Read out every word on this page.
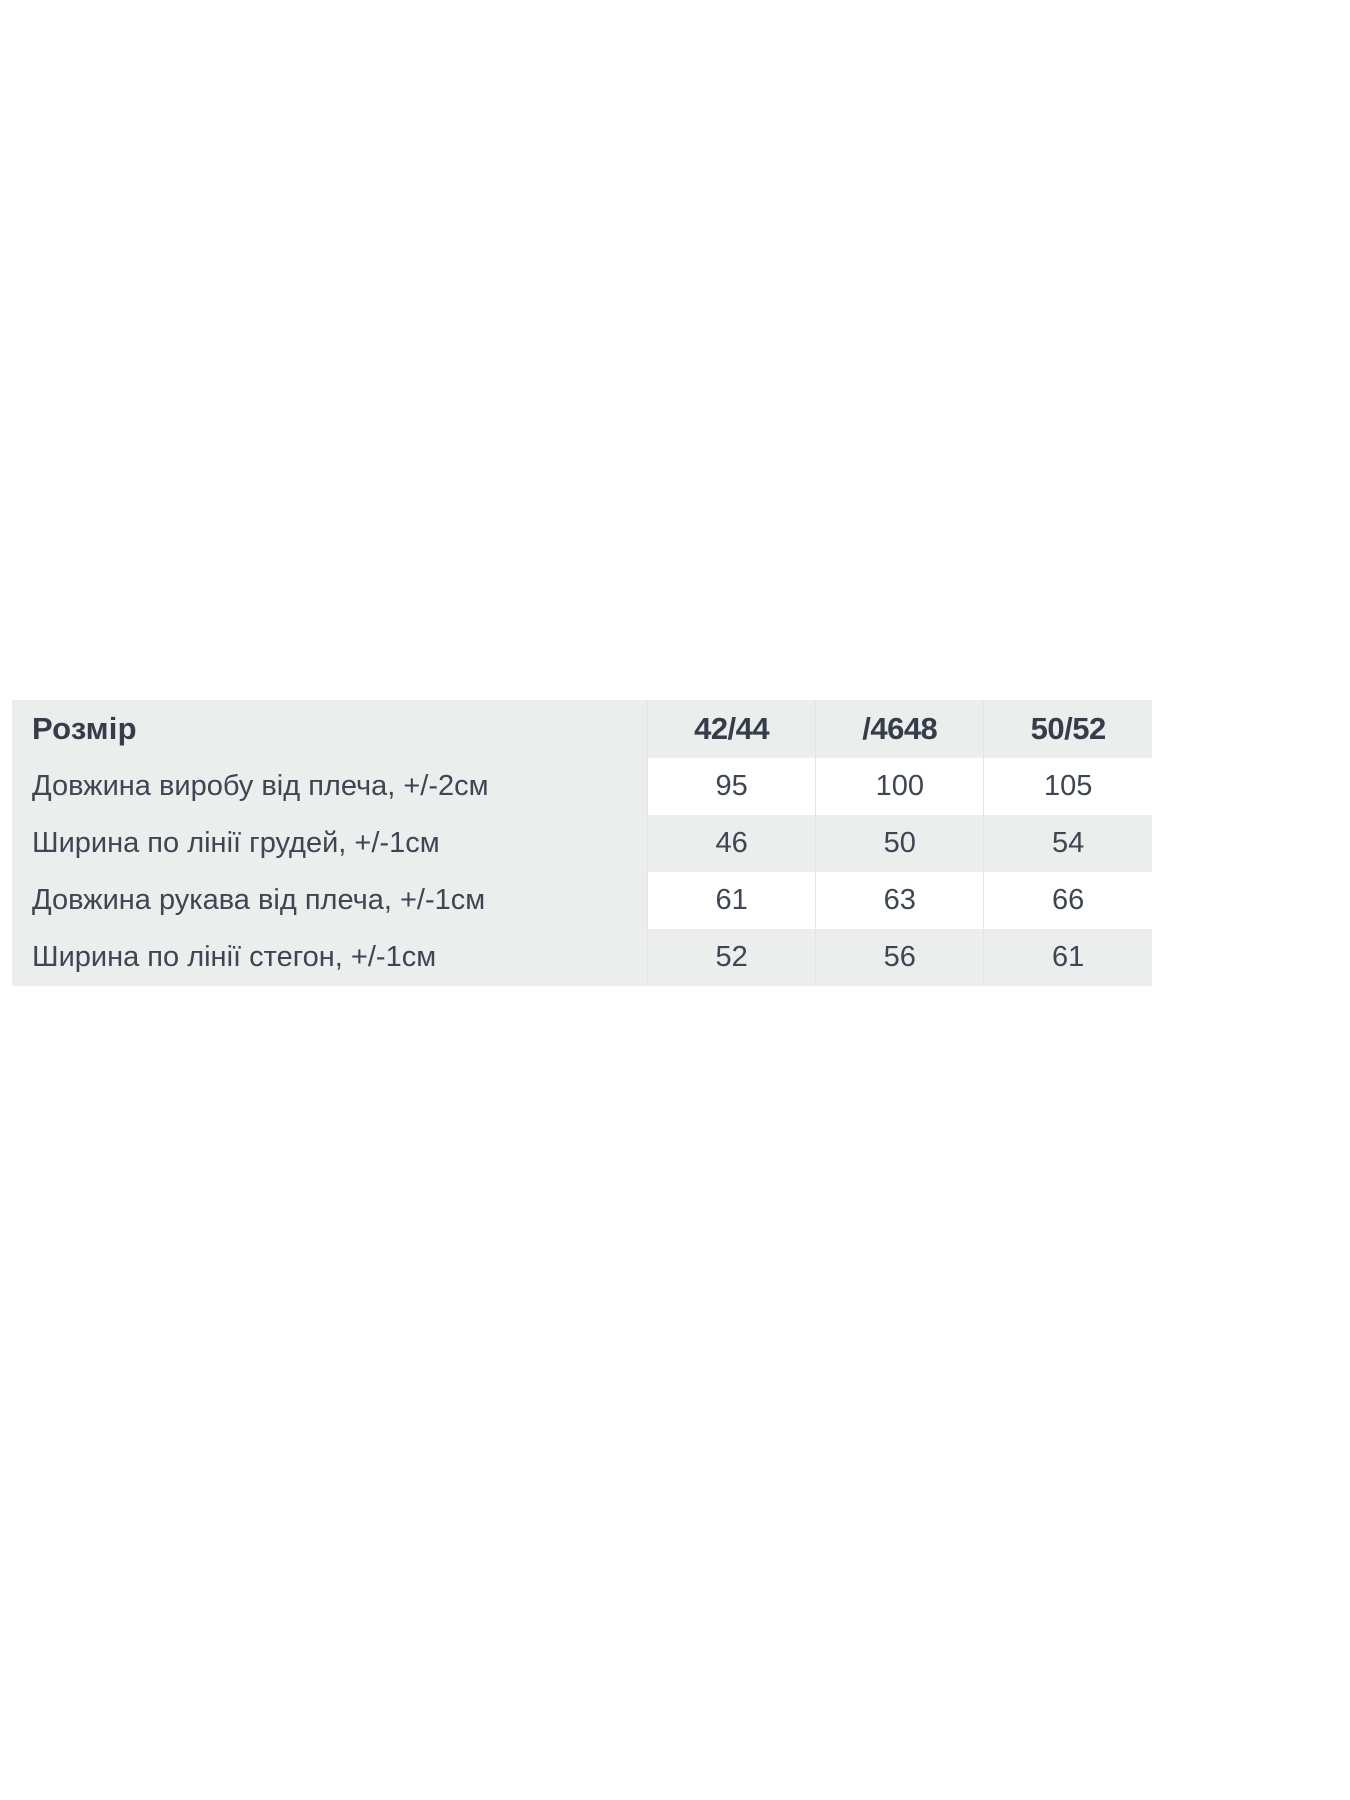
Розмір	42/44	/4648	50/52
Довжина виробу від плеча, +/-2см	95	100	105
Ширина по лінії грудей, +/-1см	46	50	54
Довжина рукава від плеча, +/-1см	61	63	66
Ширина по лінії стегон, +/-1см	52	56	61
